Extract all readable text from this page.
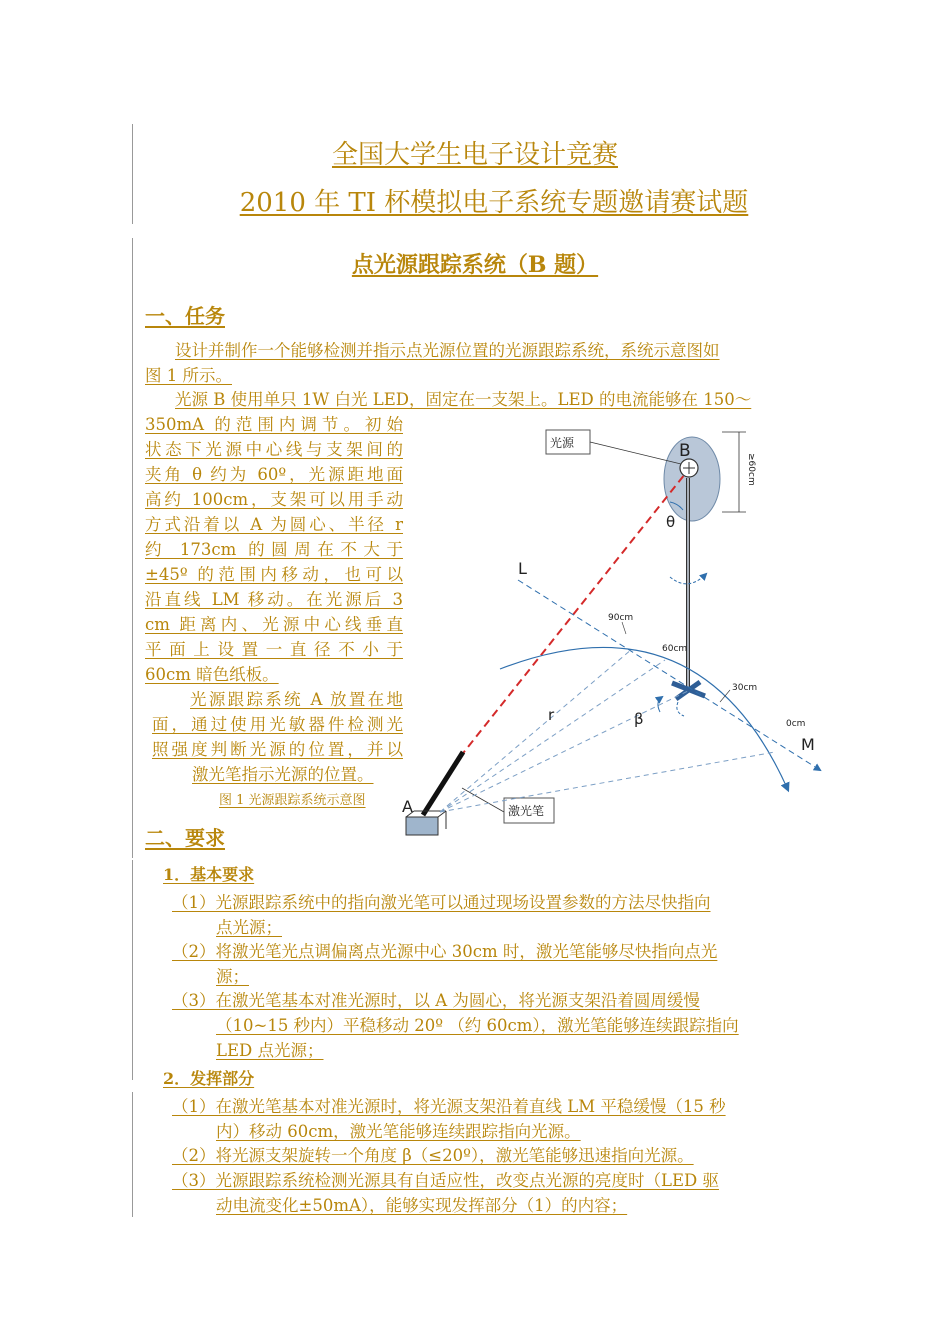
全国大学生电子设计竞赛
2010 年 TI 杯模拟电子系统专题邀请赛试题
点光源跟踪系统（B 题）
一、任务
设计并制作一个能够检测并指示点光源位置的光源跟踪系统，系统示意图如
图 1 所示。
光源 B 使用单只 1W 白光 LED，固定在一支架上。LED 的电流能够在 150～
350mA 的范围内调节。初始
状态下光源中心线与支架间的
夹角 θ 约为 60º，光源距地面
高约 100cm，支架可以用手动
方式沿着以 A 为圆心、半径 r
约 173cm 的圆周在不大于
±45º 的范围内移动，也可以
沿直线 LM 移动。在光源后 3
cm 距离内、光源中心线垂直
平面上设置一直径不小于
60cm 暗色纸板。
光源跟踪系统 A 放置在地
面，通过使用光敏器件检测光
照强度判断光源的位置，并以
激光笔指示光源的位置。
图 1 光源跟踪系统示意图
光源	B
≥60cm
θ
A	激光笔
L
M
90cm
60cm
30cm
0cm
r	β
二、要求
1．基本要求
（1）光源跟踪系统中的指向激光笔可以通过现场设置参数的方法尽快指向
点光源；
（2）将激光笔光点调偏离点光源中心 30cm 时，激光笔能够尽快指向点光
源；
（3）在激光笔基本对准光源时，以 A 为圆心，将光源支架沿着圆周缓慢
（10~15 秒内）平稳移动 20º （约 60cm），激光笔能够连续跟踪指向
LED 点光源；
2．发挥部分
（1）在激光笔基本对准光源时，将光源支架沿着直线 LM 平稳缓慢（15 秒
内）移动 60cm，激光笔能够连续跟踪指向光源。
（2）将光源支架旋转一个角度 β（≤20º），激光笔能够迅速指向光源。
（3）光源跟踪系统检测光源具有自适应性，改变点光源的亮度时（LED 驱
动电流变化±50mA），能够实现发挥部分（1）的内容；
